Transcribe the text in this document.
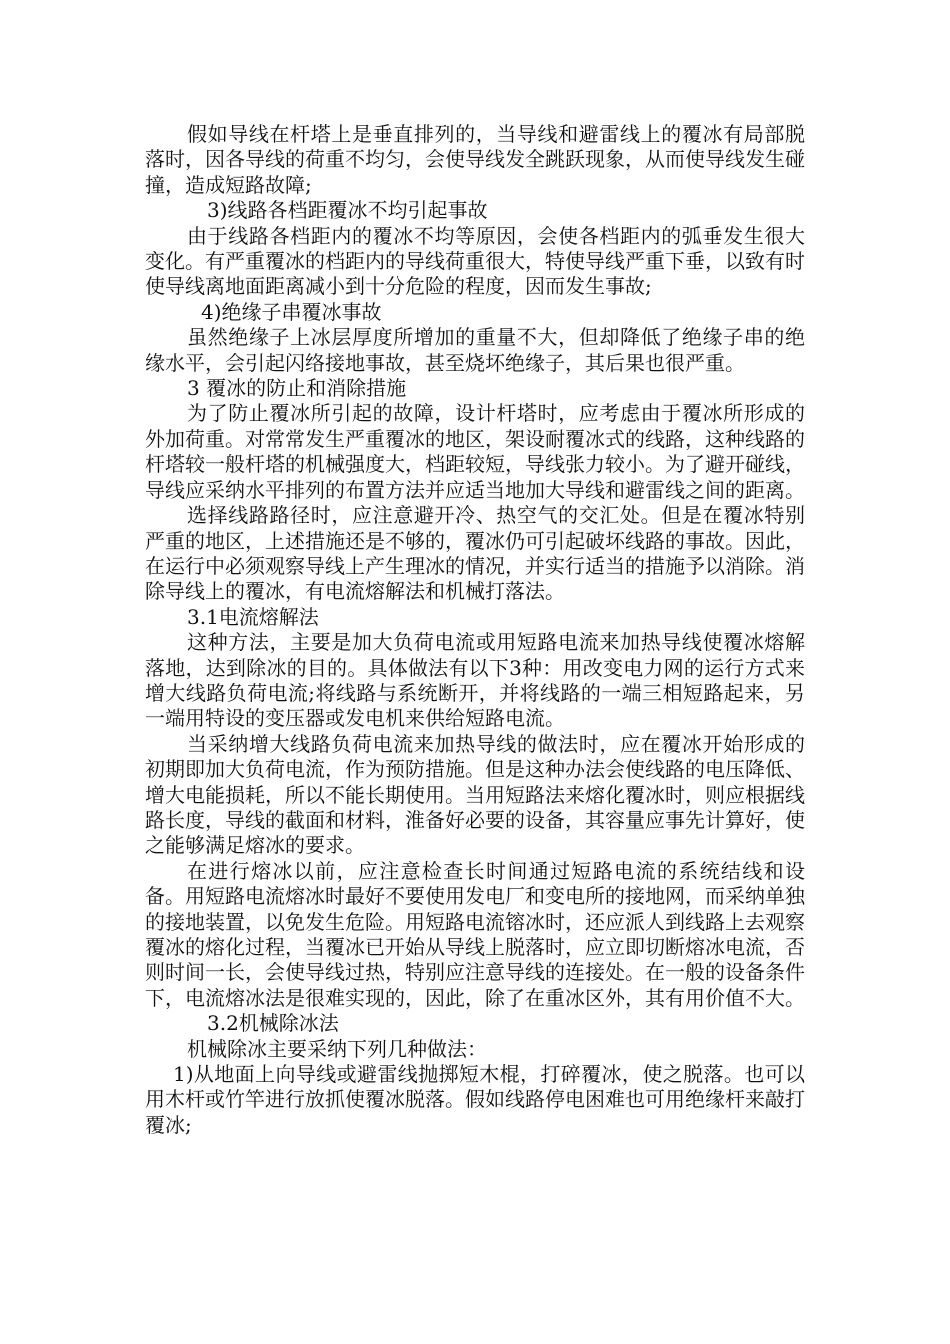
假如导线在杆塔上是垂直排列的，当导线和避雷线上的覆冰有局部脱落时，因各导线的荷重不均匀，会使导线发全跳跃现象，从而使导线发生碰撞，造成短路故障;

3)线路各档距覆冰不均引起事故

由于线路各档距内的覆冰不均等原因，会使各档距内的弧垂发生很大变化。有严重覆冰的档距内的导线荷重很大，特使导线严重下垂，以致有时使导线离地面距离减小到十分危险的程度，因而发生事故;

4)绝缘子串覆冰事故

虽然绝缘子上冰层厚度所增加的重量不大，但却降低了绝缘子串的绝缘水平，会引起闪络接地事故，甚至烧坏绝缘子，其后果也很严重。

3 覆冰的防止和消除措施

为了防止覆冰所引起的故障，设计杆塔时，应考虑由于覆冰所形成的外加荷重。对常常发生严重覆冰的地区，架设耐覆冰式的线路，这种线路的杆塔较一般杆塔的机械强度大，档距较短，导线张力较小。为了避开碰线，导线应采纳水平排列的布置方法并应适当地加大导线和避雷线之间的距离。

选择线路路径时，应注意避开冷、热空气的交汇处。但是在覆冰特别严重的地区，上述措施还是不够的，覆冰仍可引起破坏线路的事故。因此，在运行中必须观察导线上产生理冰的情况，并实行适当的措施予以消除。消除导线上的覆冰，有电流熔解法和机械打落法。

3.1电流熔解法

这种方法，主要是加大负荷电流或用短路电流来加热导线使覆冰熔解落地，达到除冰的目的。具体做法有以下3种：用改变电力网的运行方式来增大线路负荷电流;将线路与系统断开，并将线路的一端三相短路起来，另一端用特设的变压器或发电机来供给短路电流。

当采纳增大线路负荷电流来加热导线的做法时，应在覆冰开始形成的初期即加大负荷电流，作为预防措施。但是这种办法会使线路的电压降低、增大电能损耗，所以不能长期使用。当用短路法来熔化覆冰时，则应根据线路长度，导线的截面和材料，淮备好必要的设备，其容量应事先计算好，使之能够满足熔冰的要求。

在进行熔冰以前，应注意检查长时间通过短路电流的系统结线和设备。用短路电流熔冰时最好不要使用发电厂和变电所的接地网，而采纳单独的接地装置，以免发生危险。用短路电流镕冰时，还应派人到线路上去观察覆冰的熔化过程，当覆冰已开始从导线上脱落时，应立即切断熔冰电流，否则时间一长，会使导线过热，特别应注意导线的连接处。在一般的设备条件下，电流熔冰法是很难实现的，因此，除了在重冰区外，其有用价值不大。

3.2机械除冰法

机械除冰主要采纳下列几种做法：

1)从地面上向导线或避雷线抛掷短木棍，打碎覆冰，使之脱落。也可以用木杆或竹竿进行放抓使覆冰脱落。假如线路停电困难也可用绝缘杆来敲打覆冰;
